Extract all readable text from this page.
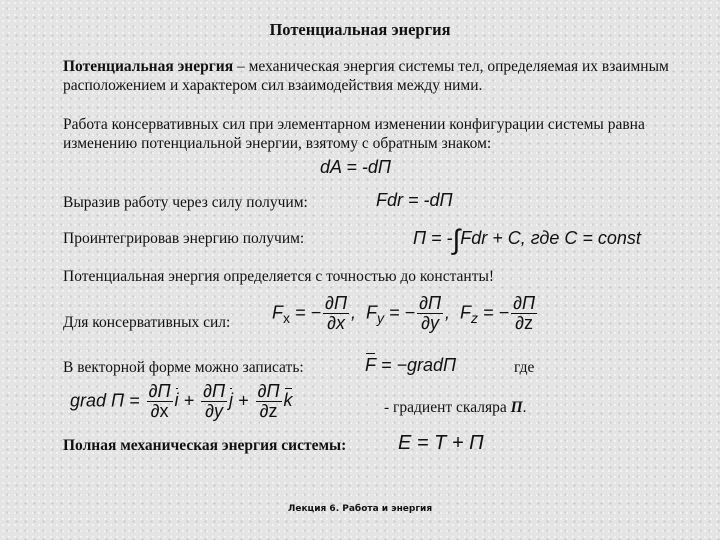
Потенциальная энергия
Потенциальная энергия – механическая энергия системы тел, определяемая их взаимным расположением и характером сил взаимодействия между ними.
Работа консервативных сил при элементарном изменении конфигурации системы равна изменению потенциальной энергии, взятому с обратным знаком:
dA = -dП
Выразив работу через силу получим:	Fdr = -dП
Проинтегрировав энергию получим:	П = -∫Fdr + C, где C = const
Потенциальная энергия определяется с точностью до константы!
Для консервативных сил:
$F_x$ = − $\frac{\partial П}{\partial x}$ , $F_y$ = − $\frac{\partial П}{\partial y}$ , $F_z$ = − $\frac{\partial П}{\partial z}$
В векторной форме можно записать:	F = −gradП	где
grad $П = \frac{\partial П}{\partial x}$ $i + \frac{\partial П}{\partial y}$ $j + \frac{\partial П}{\partial z}$ k	- градиент скаляра П.
Полная механическая энергия системы:	E = T + П
Лекция 6. Работа и энергия
